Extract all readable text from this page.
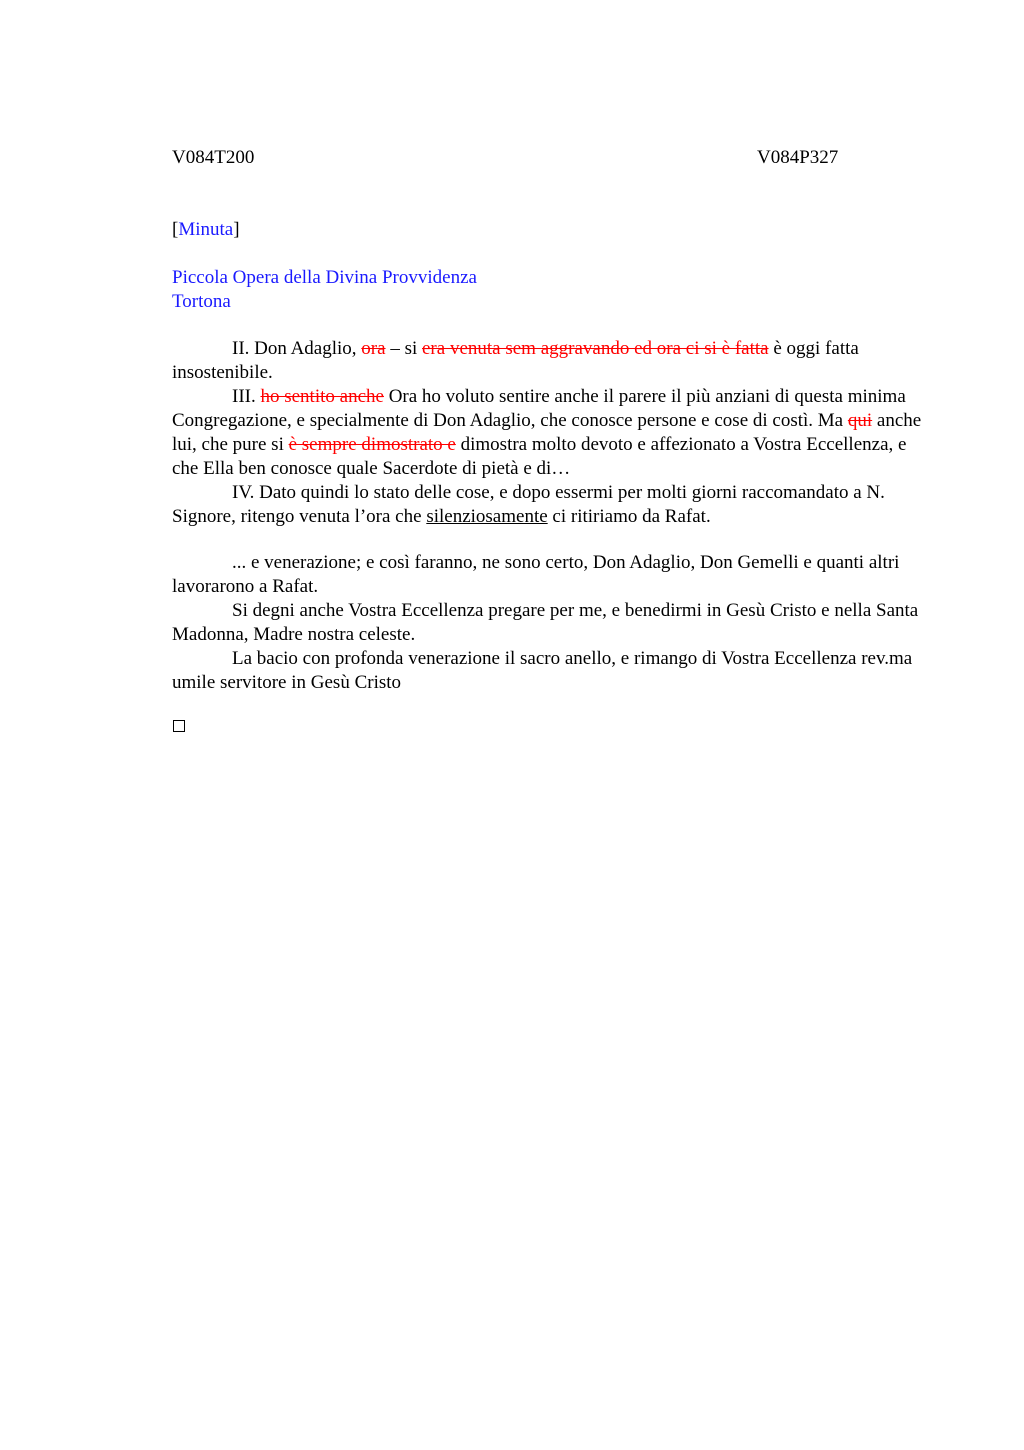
V084T200	V084P327
[Minuta]
Piccola Opera della Divina Provvidenza
Tortona

II. Don Adaglio, ora – si era venuta sem aggravando ed ora ci si è fatta è oggi fatta insostenibile.

III. ho sentito anche Ora ho voluto sentire anche il parere il più anziani di questa minima Congregazione, e specialmente di Don Adaglio, che conosce persone e cose di costì. Ma qui anche lui, che pure si è sempre dimostrato e dimostra molto devoto e affezionato a Vostra Eccellenza, e che Ella ben conosce quale Sacerdote di pietà e di…

IV. Dato quindi lo stato delle cose, e dopo essermi per molti giorni raccomandato a N. Signore, ritengo venuta l’ora che silenziosamente ci ritiriamo da Rafat.

... e venerazione; e così faranno, ne sono certo, Don Adaglio, Don Gemelli e quanti altri lavorarono a Rafat.

Si degni anche Vostra Eccellenza pregare per me, e benedirmi in Gesù Cristo e nella Santa Madonna, Madre nostra celeste.

La bacio con profonda venerazione il sacro anello, e rimango di Vostra Eccellenza rev.ma umile servitore in Gesù Cristo
